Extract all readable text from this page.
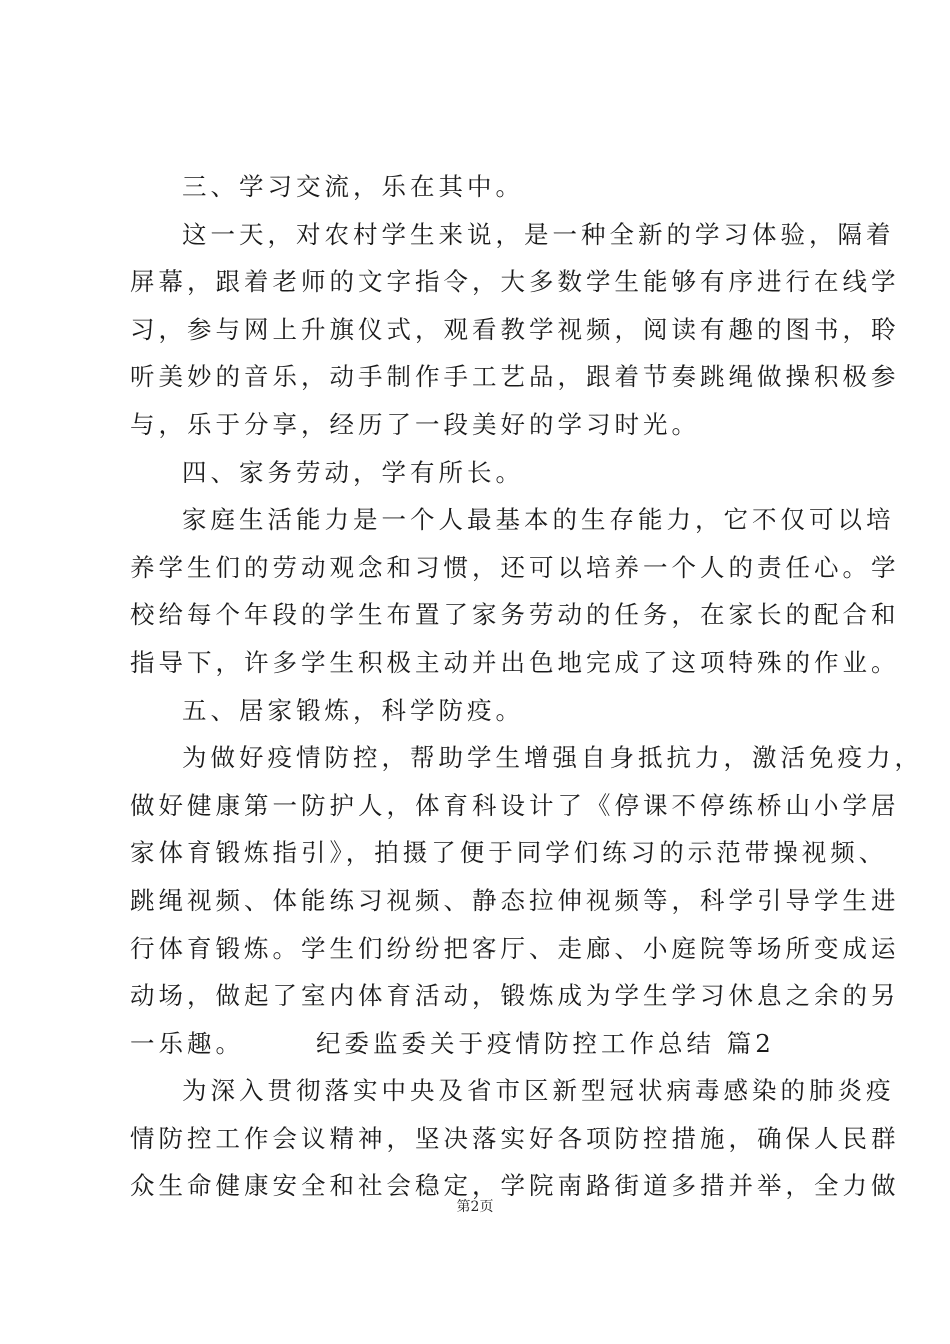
三、学习交流，乐在其中。
这一天，对农村学生来说，是一种全新的学习体验，隔着
屏幕，跟着老师的文字指令，大多数学生能够有序进行在线学
习，参与网上升旗仪式，观看教学视频，阅读有趣的图书，聆
听美妙的音乐，动手制作手工艺品，跟着节奏跳绳做操积极参
与，乐于分享，经历了一段美好的学习时光。
四、家务劳动，学有所长。
家庭生活能力是一个人最基本的生存能力，它不仅可以培
养学生们的劳动观念和习惯，还可以培养一个人的责任心。学
校给每个年段的学生布置了家务劳动的任务，在家长的配合和
指导下，许多学生积极主动并出色地完成了这项特殊的作业。
五、居家锻炼，科学防疫。
为做好疫情防控，帮助学生增强自身抵抗力，激活免疫力，
做好健康第一防护人，体育科设计了《停课不停练桥山小学居
家体育锻炼指引》，拍摄了便于同学们练习的示范带操视频、
跳绳视频、体能练习视频、静态拉伸视频等，科学引导学生进
行体育锻炼。学生们纷纷把客厅、走廊、小庭院等场所变成运
动场，做起了室内体育活动，锻炼成为学生学习休息之余的另
一乐趣。	纪委监委关于疫情防控工作总结 篇2
为深入贯彻落实中央及省市区新型冠状病毒感染的肺炎疫
情防控工作会议精神，坚决落实好各项防控措施，确保人民群
众生命健康安全和社会稳定，学院南路街道多措并举，全力做
第2页
